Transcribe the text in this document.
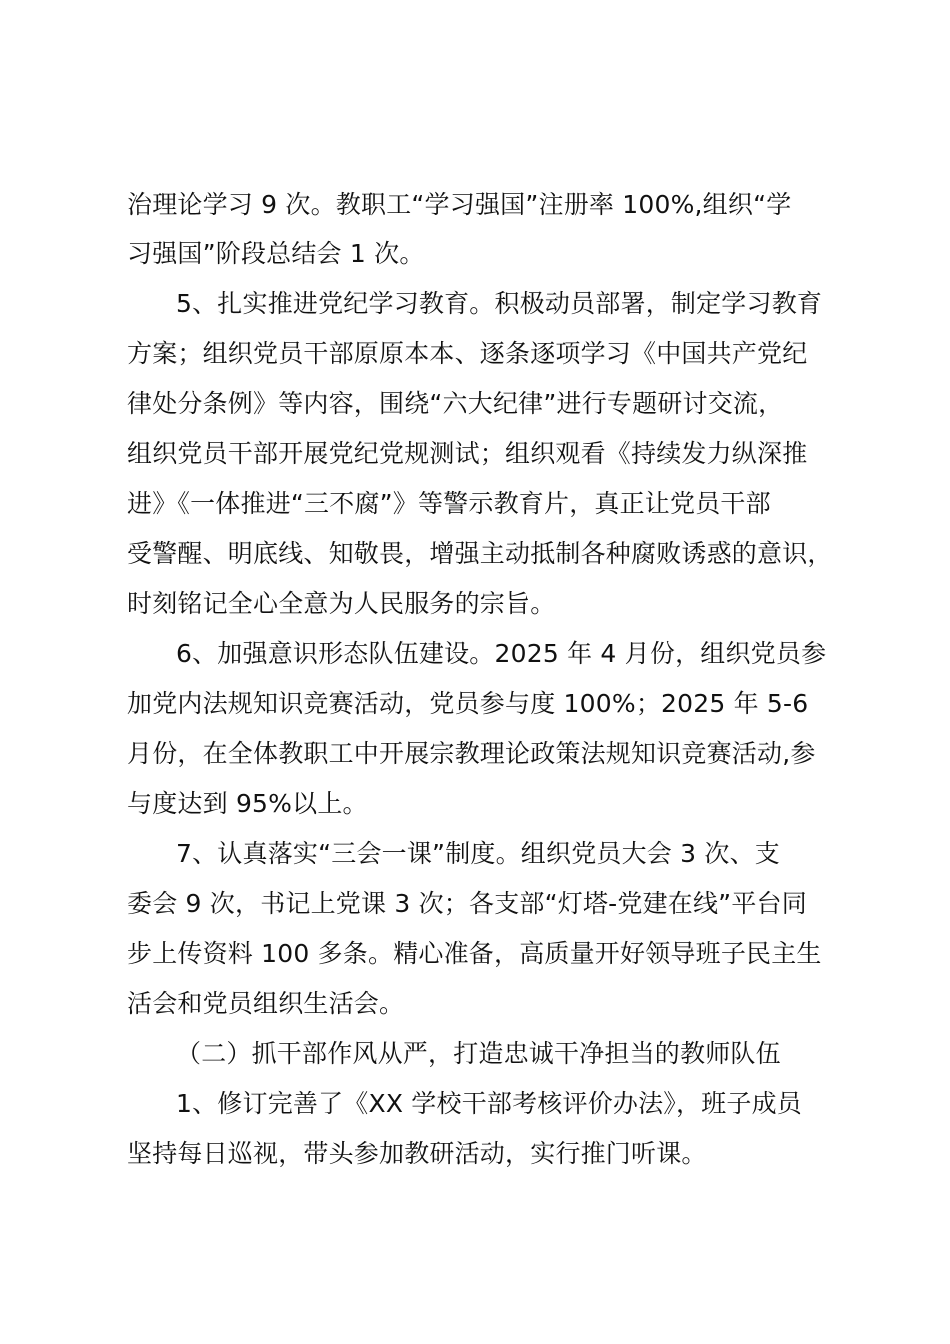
治理论学习 9 次。教职工“学习强国”注册率 100%,组织“学
习强国”阶段总结会 1 次。
5、扎实推进党纪学习教育。积极动员部署，制定学习教育
方案；组织党员干部原原本本、逐条逐项学习《中国共产党纪
律处分条例》等内容，围绕“六大纪律”进行专题研讨交流，
组织党员干部开展党纪党规测试；组织观看《持续发力纵深推
进》《一体推进“三不腐”》等警示教育片，真正让党员干部
受警醒、明底线、知敬畏，增强主动抵制各种腐败诱惑的意识，
时刻铭记全心全意为人民服务的宗旨。
6、加强意识形态队伍建设。2025 年 4 月份，组织党员参
加党内法规知识竞赛活动，党员参与度 100%；2025 年 5-6
月份，在全体教职工中开展宗教理论政策法规知识竞赛活动,参
与度达到 95%以上。
7、认真落实“三会一课”制度。组织党员大会 3 次、支
委会 9 次，书记上党课 3 次；各支部“灯塔-党建在线”平台同
步上传资料 100 多条。精心准备，高质量开好领导班子民主生
活会和党员组织生活会。
（二）抓干部作风从严，打造忠诚干净担当的教师队伍
1、修订完善了《XX 学校干部考核评价办法》，班子成员
坚持每日巡视，带头参加教研活动，实行推门听课。
